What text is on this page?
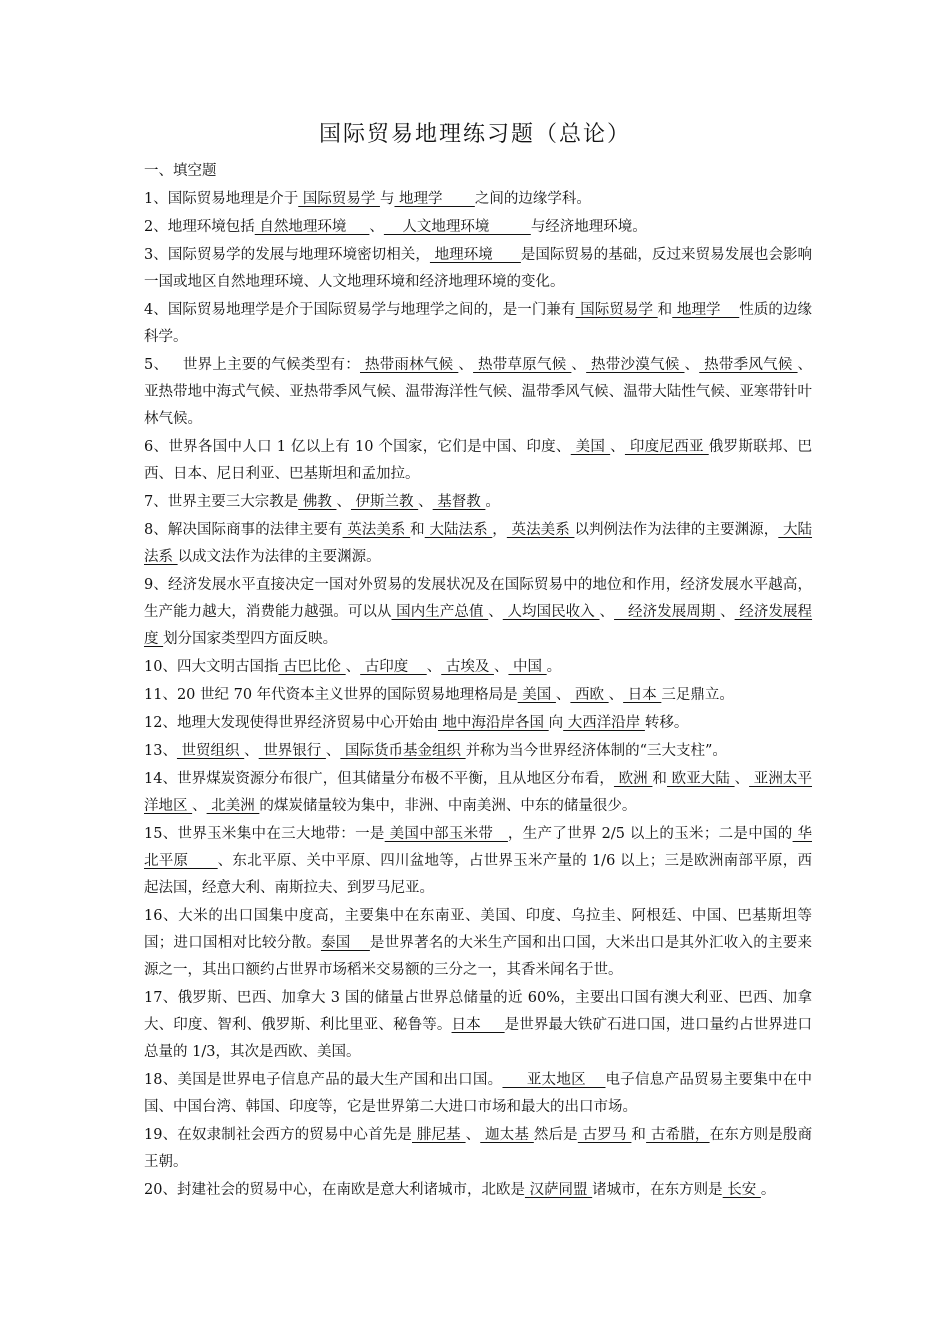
国际贸易地理练习题（总论）
一、填空题
1、国际贸易地理是介于 国际贸易学 与 地理学       之间的边缘学科。
2、地理环境包括 自然地理环境     、    人文地理环境         与经济地理环境。
3、国际贸易学的发展与地理环境密切相关， 地理环境      是国际贸易的基础，反过来贸易发展也会影响一国或地区自然地理环境、人文地理环境和经济地理环境的变化。
4、国际贸易地理学是介于国际贸易学与地理学之间的，是一门兼有 国际贸易学 和 地理学    性质的边缘科学。
5、   世界上主要的气候类型有： 热带雨林气候 、 热带草原气候 、 热带沙漠气候 、 热带季风气候 、亚热带地中海式气候、亚热带季风气候、温带海洋性气候、温带季风气候、温带大陆性气候、亚寒带针叶林气候。
6、世界各国中人口 1 亿以上有 10 个国家，它们是中国、印度、 美国 、 印度尼西亚 俄罗斯联邦、巴西、日本、尼日利亚、巴基斯坦和孟加拉。
7、世界主要三大宗教是 佛教 、 伊斯兰教 、 基督教 。
8、解决国际商事的法律主要有 英法美系 和 大陆法系 ， 英法美系 以判例法作为法律的主要渊源， 大陆法系 以成文法作为法律的主要渊源。
9、经济发展水平直接决定一国对外贸易的发展状况及在国际贸易中的地位和作用，经济发展水平越高，生产能力越大，消费能力越强。可以从 国内生产总值 、 人均国民收入 、   经济发展周期 、 经济发展程度 划分国家类型四方面反映。
10、四大文明古国指 古巴比伦 、 古印度    、 古埃及 、 中国 。
11、20 世纪 70 年代资本主义世界的国际贸易地理格局是 美国 、 西欧 、 日本 三足鼎立。
12、地理大发现使得世界经济贸易中心开始由 地中海沿岸各国 向 大西洋沿岸 转移。
13、 世贸组织 、 世界银行 、 国际货币基金组织 并称为当今世界经济体制的“三大支柱”。
14、世界煤炭资源分布很广，但其储量分布极不平衡，且从地区分布看， 欧洲 和 欧亚大陆 、 亚洲太平洋地区 、 北美洲 的煤炭储量较为集中，非洲、中南美洲、中东的储量很少。
15、世界玉米集中在三大地带：一是 美国中部玉米带   ，生产了世界 2/5 以上的玉米；二是中国的 华北平原      、东北平原、关中平原、四川盆地等，占世界玉米产量的 1/6 以上；三是欧洲南部平原，西起法国，经意大利、南斯拉夫、到罗马尼亚。
16、大米的出口国集中度高，主要集中在东南亚、美国、印度、乌拉圭、阿根廷、中国、巴基斯坦等国；进口国相对比较分散。泰国    是世界著名的大米生产国和出口国，大米出口是其外汇收入的主要来源之一，其出口额约占世界市场稻米交易额的三分之一，其香米闻名于世。
17、俄罗斯、巴西、加拿大 3 国的储量占世界总储量的近 60%，主要出口国有澳大利亚、巴西、加拿大、印度、智利、俄罗斯、利比里亚、秘鲁等。日本     是世界最大铁矿石进口国，进口量约占世界进口总量的 1/3，其次是西欧、美国。
18、美国是世界电子信息产品的最大生产国和出口国。     亚太地区    电子信息产品贸易主要集中在中国、中国台湾、韩国、印度等，它是世界第二大进口市场和最大的出口市场。
19、在奴隶制社会西方的贸易中心首先是 腓尼基 、 迦太基 然后是 古罗马 和 古希腊，在东方则是殷商王朝。
20、封建社会的贸易中心，在南欧是意大利诸城市，北欧是 汉萨同盟 诸城市，在东方则是 长安 。
